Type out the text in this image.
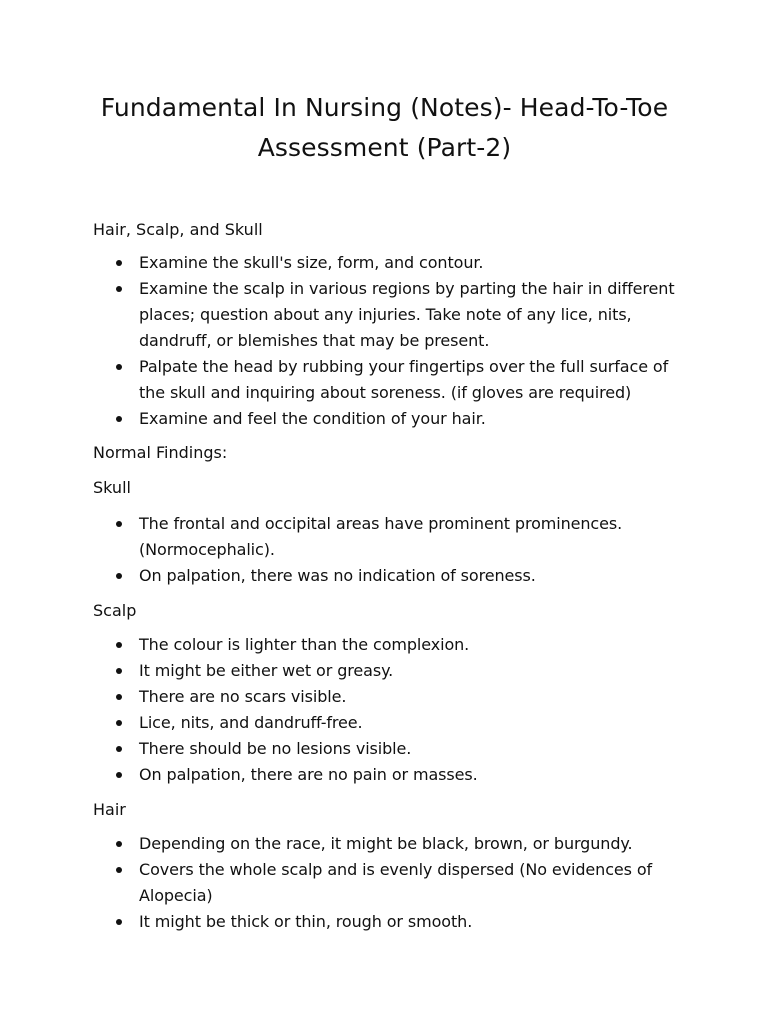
Fundamental In Nursing (Notes)- Head-To-Toe
Assessment (Part-2)

Hair, Scalp, and Skull

Examine the skull's size, form, and contour.
Examine the scalp in various regions by parting the hair in different
places; question about any injuries. Take note of any lice, nits,
dandruff, or blemishes that may be present.
Palpate the head by rubbing your fingertips over the full surface of
the skull and inquiring about soreness. (if gloves are required)
Examine and feel the condition of your hair.

Normal Findings:

Skull

The frontal and occipital areas have prominent prominences.
(Normocephalic).
On palpation, there was no indication of soreness.

Scalp

The colour is lighter than the complexion.
It might be either wet or greasy.
There are no scars visible.
Lice, nits, and dandruff-free.
There should be no lesions visible.
On palpation, there are no pain or masses.

Hair

Depending on the race, it might be black, brown, or burgundy.
Covers the whole scalp and is evenly dispersed (No evidences of
Alopecia)
It might be thick or thin, rough or smooth.
